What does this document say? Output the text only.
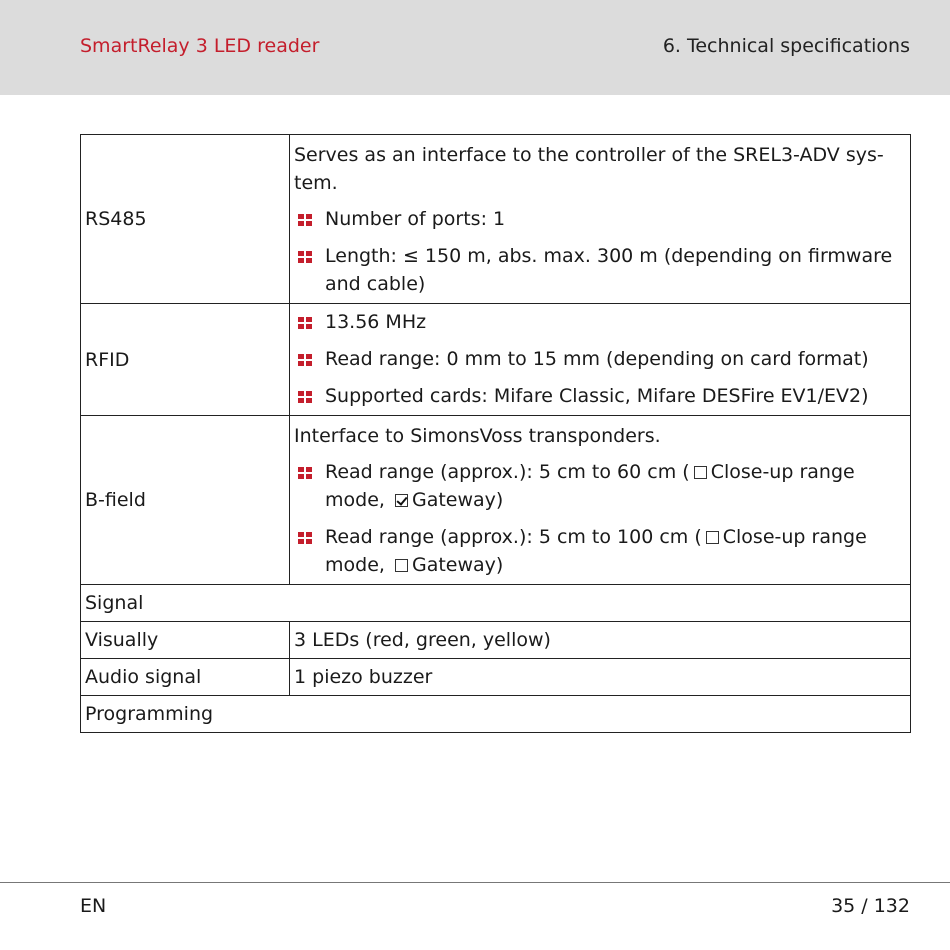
SmartRelay 3 LED reader	6. Technical specifications
RS485	Serves as an interface to the controller of the SREL3-ADV sys-tem.
Number of ports: 1
Length: ≤ 150 m, abs. max. 300 m (depending on firmware and cable)

RFID	13.56 MHz
Read range: 0 mm to 15 mm (depending on card format)
Supported cards: Mifare Classic, Mifare DESFire EV1/EV2)

B-field	Interface to SimonsVoss transponders.
Read range (approx.): 5 cm to 60 cm ( Close-up range mode, Gateway)
Read range (approx.): 5 cm to 100 cm ( Close-up range mode, Gateway)

Signal	
Visually	3 LEDs (red, green, yellow)
Audio signal	1 piezo buzzer
Programming	
EN	35 / 132
